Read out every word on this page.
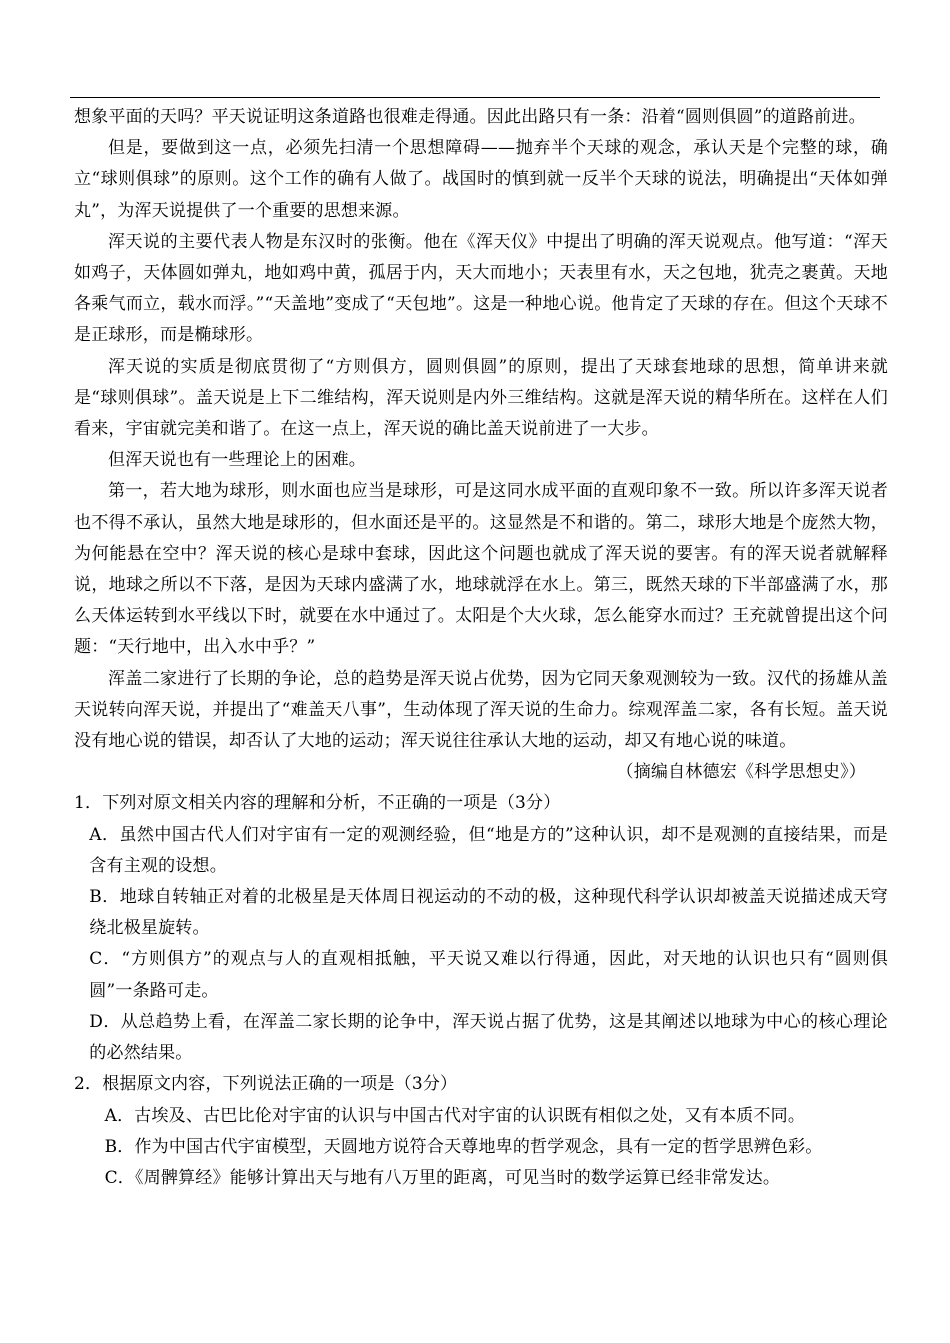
想象平面的天吗？平天说证明这条道路也很难走得通。因此出路只有一条：沿着“圆则俱圆”的道路前进。

但是，要做到这一点，必须先扫清一个思想障碍——抛弃半个天球的观念，承认天是个完整的球，确立“球则俱球”的原则。这个工作的确有人做了。战国时的慎到就一反半个天球的说法，明确提出“天体如弹丸”，为浑天说提供了一个重要的思想来源。

浑天说的主要代表人物是东汉时的张衡。他在《浑天仪》中提出了明确的浑天说观点。他写道：“浑天如鸡子，天体圆如弹丸，地如鸡中黄，孤居于内，天大而地小；天表里有水，天之包地，犹壳之裹黄。天地各乘气而立，载水而浮。”“天盖地”变成了“天包地”。这是一种地心说。他肯定了天球的存在。但这个天球不是正球形，而是椭球形。

浑天说的实质是彻底贯彻了“方则俱方，圆则俱圆”的原则，提出了天球套地球的思想，简单讲来就是“球则俱球”。盖天说是上下二维结构，浑天说则是内外三维结构。这就是浑天说的精华所在。这样在人们看来，宇宙就完美和谐了。在这一点上，浑天说的确比盖天说前进了一大步。

但浑天说也有一些理论上的困难。

第一，若大地为球形，则水面也应当是球形，可是这同水成平面的直观印象不一致。所以许多浑天说者也不得不承认，虽然大地是球形的，但水面还是平的。这显然是不和谐的。第二，球形大地是个庞然大物，为何能悬在空中？浑天说的核心是球中套球，因此这个问题也就成了浑天说的要害。有的浑天说者就解释说，地球之所以不下落，是因为天球内盛满了水，地球就浮在水上。第三，既然天球的下半部盛满了水，那么天体运转到水平线以下时，就要在水中通过了。太阳是个大火球，怎么能穿水而过？王充就曾提出这个问题：“天行地中，出入水中乎？”

浑盖二家进行了长期的争论，总的趋势是浑天说占优势，因为它同天象观测较为一致。汉代的扬雄从盖天说转向浑天说，并提出了“难盖天八事”，生动体现了浑天说的生命力。综观浑盖二家，各有长短。盖天说没有地心说的错误，却否认了大地的运动；浑天说往往承认大地的运动，却又有地心说的味道。

（摘编自林德宏《科学思想史》）

1．下列对原文相关内容的理解和分析，不正确的一项是（3分）

A．虽然中国古代人们对宇宙有一定的观测经验，但“地是方的”这种认识，却不是观测的直接结果，而是含有主观的设想。

B．地球自转轴正对着的北极星是天体周日视运动的不动的极，这种现代科学认识却被盖天说描述成天穹绕北极星旋转。

C．“方则俱方”的观点与人的直观相抵触，平天说又难以行得通，因此，对天地的认识也只有“圆则俱圆”一条路可走。

D．从总趋势上看，在浑盖二家长期的论争中，浑天说占据了优势，这是其阐述以地球为中心的核心理论的必然结果。

2．根据原文内容，下列说法正确的一项是（3分）

A．古埃及、古巴比伦对宇宙的认识与中国古代对宇宙的认识既有相似之处，又有本质不同。

B．作为中国古代宇宙模型，天圆地方说符合天尊地卑的哲学观念，具有一定的哲学思辨色彩。

C．《周髀算经》能够计算出天与地有八万里的距离，可见当时的数学运算已经非常发达。
